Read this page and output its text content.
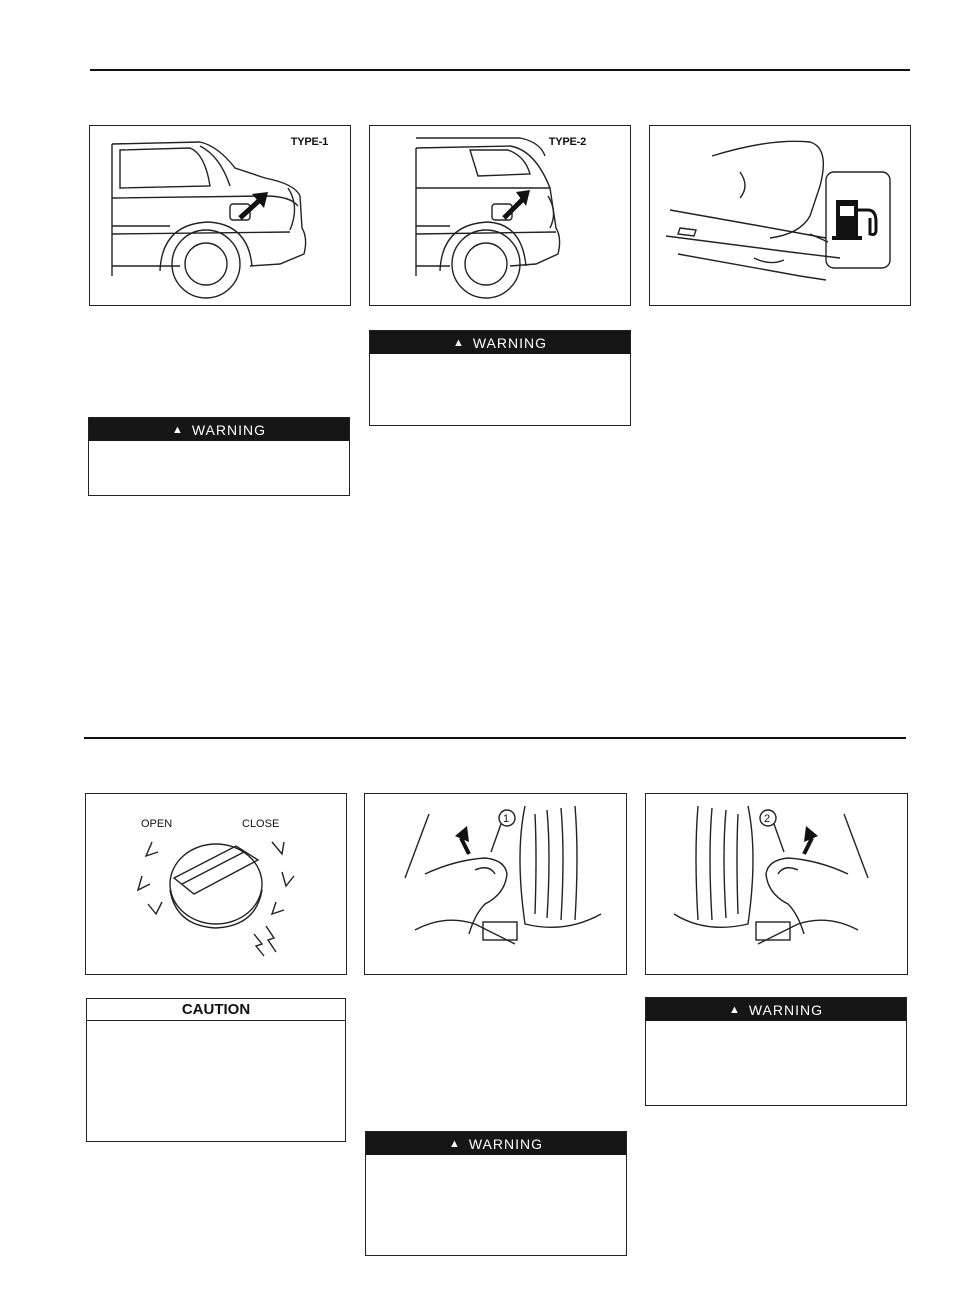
TYPE-1	TYPE-2
▲ WARNING
▲ WARNING
OPEN	CLOSE	1	2
CAUTION
▲ WARNING
▲ WARNING
